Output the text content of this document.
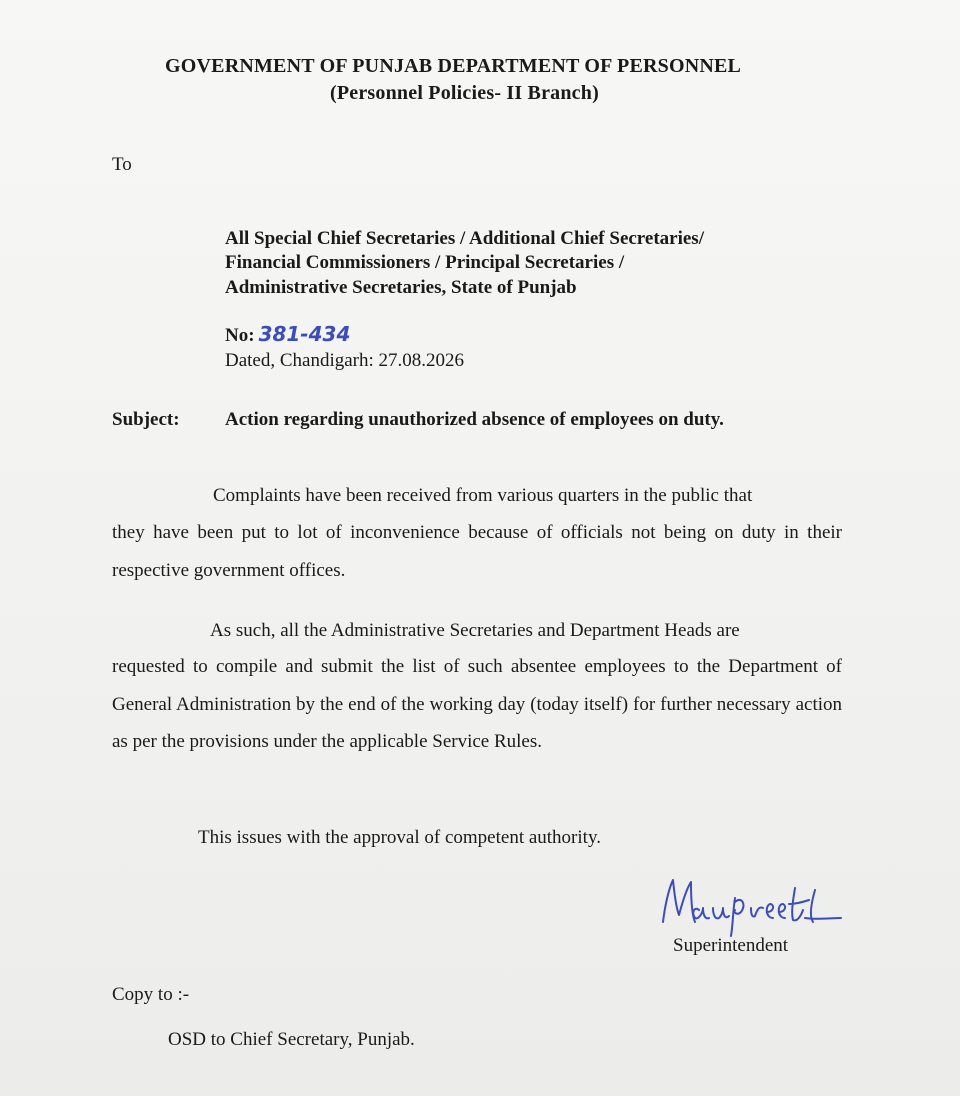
GOVERNMENT OF PUNJAB DEPARTMENT OF PERSONNEL
(Personnel Policies- II Branch)
To
All Special Chief Secretaries / Additional Chief Secretaries/
Financial Commissioners / Principal Secretaries /
Administrative Secretaries, State of Punjab
No: 381-434
Dated, Chandigarh: 27.08.2026
Subject: Action regarding unauthorized absence of employees on duty.
Complaints have been received from various quarters in the public that
they have been put to lot of inconvenience because of officials not being on duty in their respective government offices.
As such, all the Administrative Secretaries and Department Heads are
requested to compile and submit the list of such absentee employees to the Department of General Administration by the end of the working day (today itself) for further necessary action as per the provisions under the applicable Service Rules.
This issues with the approval of competent authority.
Superintendent
Copy to :-
OSD to Chief Secretary, Punjab.
